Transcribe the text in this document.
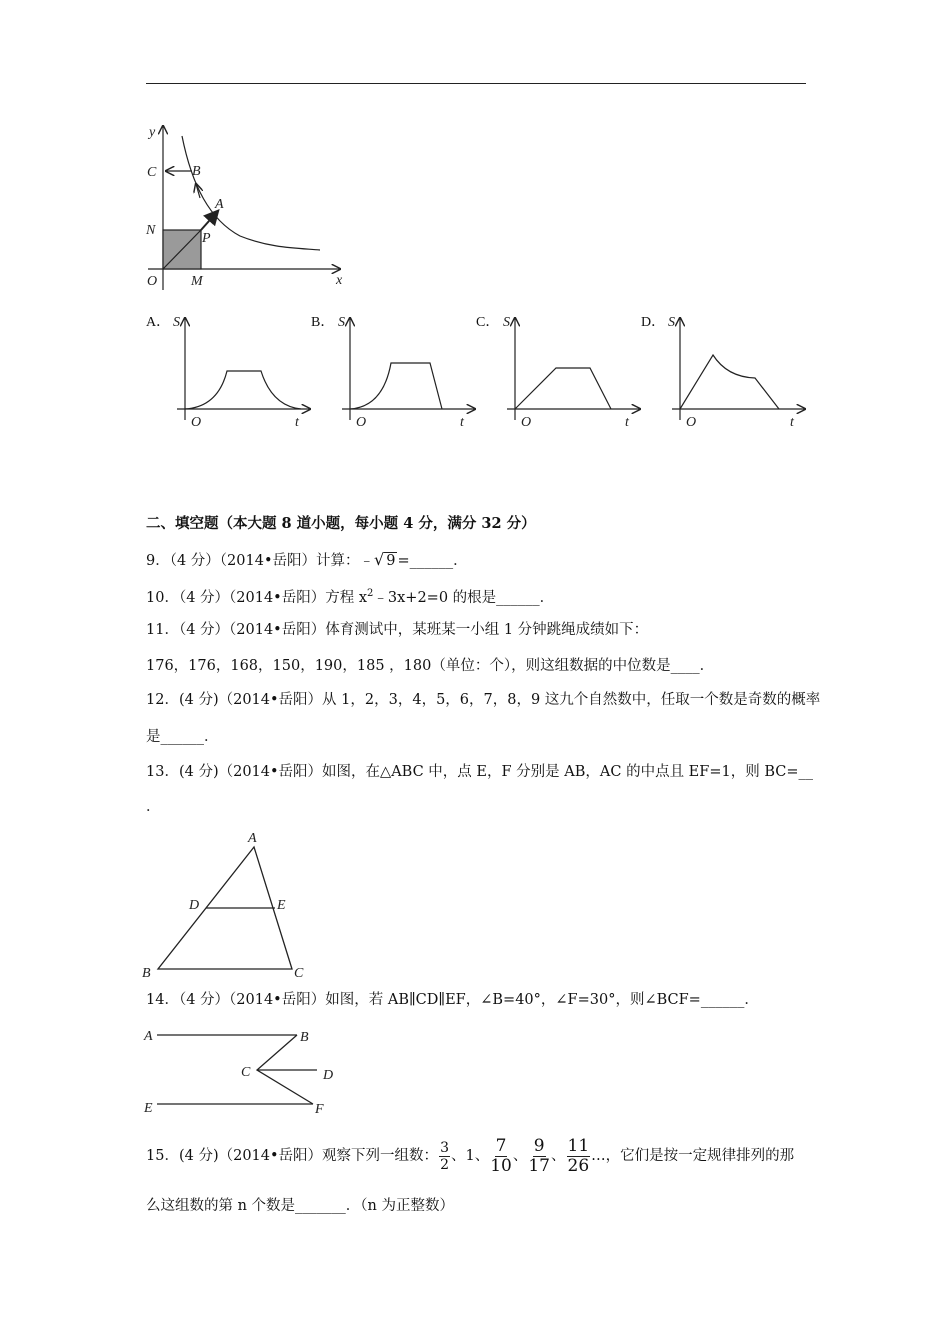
y
x
C	B
A
N
P
O M
A． S
O	t
B． S
O	t
C． S
O	t
D． S
O	t
二、填空题（本大题 8 道小题，每小题 4 分，满分 32 分）
9．（4 分）（2014•岳阳）计算：﹣√ 9 =______．
10．（4 分）（2014•岳阳）方程 $x^2﹣3x+2=0$ 的根是______．
11．（4 分）（2014•岳阳）体育测试中，某班某一小组 1 分钟跳绳成绩如下：
176，176，168，150，190，185 ，180（单位：个），则这组数据的中位数是____．
12．(4 分)（2014•岳阳）从 1，2，3，4，5，6，7，8，9 这九个自然数中，任取一个数是奇数的概率
是______．
13．(4 分)（2014•岳阳）如图，在△ABC 中，点 E，F 分别是 AB，AC 的中点且 EF=1，则 BC=__
．
A
B	C
D	E
14．（4 分）（2014•岳阳）如图，若 AB∥CD∥EF，∠B=40°，∠F=30°，则∠BCF=______．
A	B
C	D
E	F
15．(4 分)（2014•岳阳）观察下列一组数： $\frac{3}{2}$ 、 1 、 $\frac{7}{10}$ 、 $\frac{9}{17}$ 、 $\frac{11}{26}$ … ，它们是按一定规律排列的那
么这组数的第 n 个数是_______．（n 为正整数）
